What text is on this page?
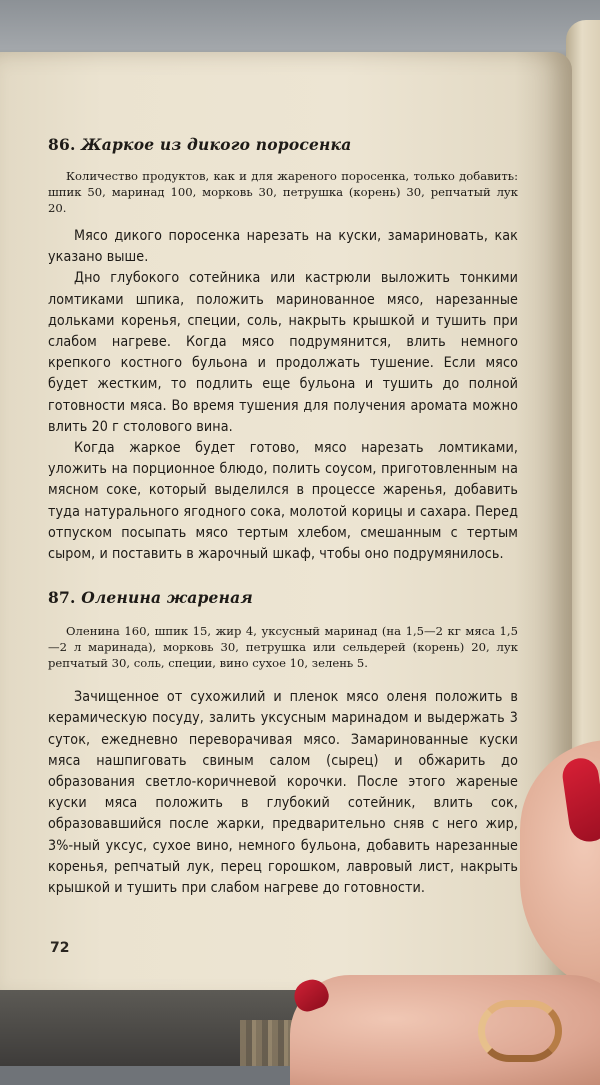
86. Жаркое из дикого поросенка

Количество продуктов, как и для жареного поросенка, только добавить: шпик 50, маринад 100, морковь 30, петрушка (корень) 30, репчатый лук 20.

Мясо дикого поросенка нарезать на куски, замариновать, как указано выше.

Дно глубокого сотейника или кастрюли выложить тонкими ломтиками шпика, положить маринованное мясо, нарезанные дольками коренья, специи, соль, накрыть крышкой и тушить при слабом нагреве. Когда мясо подрумянится, влить немного крепкого костного бульона и продолжать тушение. Если мясо будет жестким, то подлить еще бульона и тушить до полной готовности мяса. Во время тушения для получения аромата можно влить 20 г столового вина.

Когда жаркое будет готово, мясо нарезать ломтиками, уложить на порционное блюдо, полить соусом, приготовленным на мясном соке, который выделился в процессе жаренья, добавить туда натурального ягодного сока, молотой корицы и сахара. Перед отпуском посыпать мясо тертым хлебом, смешанным с тертым сыром, и поставить в жарочный шкаф, чтобы оно подрумянилось.

87. Оленина жареная

Оленина 160, шпик 15, жир 4, уксусный маринад (на 1,5—2 кг мяса 1,5—2 л маринада), морковь 30, петрушка или сельдерей (корень) 20, лук репчатый 30, соль, специи, вино сухое 10, зелень 5.

Зачищенное от сухожилий и пленок мясо оленя положить в керамическую посуду, залить уксусным маринадом и выдержать 3 суток, ежедневно переворачивая мясо. Замаринованные куски мяса нашпиговать свиным салом (сырец) и обжарить до образования светло-коричневой корочки. После этого жареные куски мяса положить в глубокий сотейник, влить сок, образовавшийся после жарки, предварительно сняв с него жир, 3%-ный уксус, сухое вино, немного бульона, добавить нарезанные коренья, репчатый лук, перец горошком, лавровый лист, накрыть крышкой и тушить при слабом нагреве до готовности.

72
